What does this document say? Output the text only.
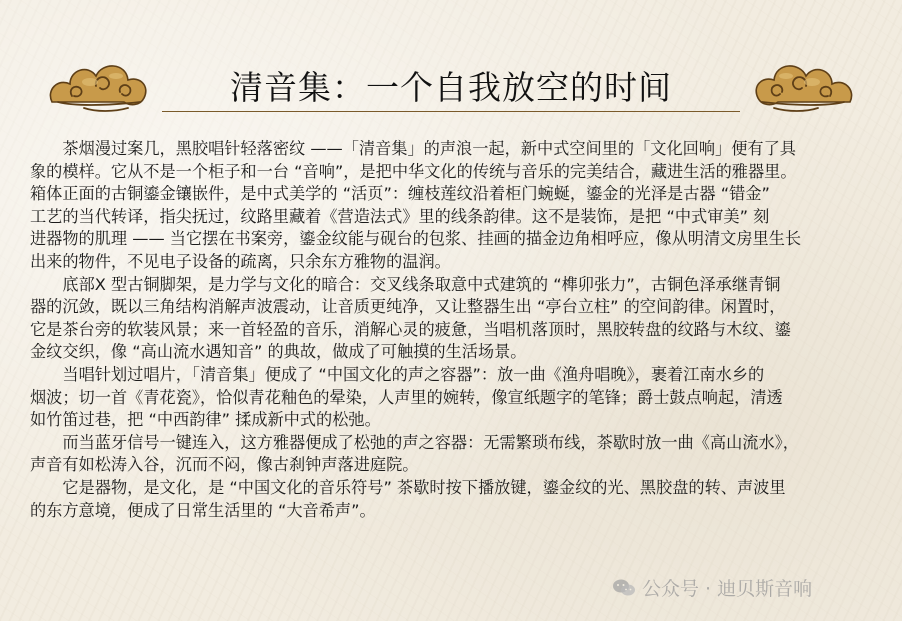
清音集：一个自我放空的时间

茶烟漫过案几，黑胶唱针轻落密纹 ——「清音集」的声浪一起，新中式空间里的「文化回响」便有了具
象的模样。它从不是一个柜子和一台 “音响”，是把中华文化的传统与音乐的完美结合，藏进生活的雅器里。
箱体正面的古铜鎏金镶嵌件，是中式美学的 “活页”：缠枝莲纹沿着柜门蜿蜒，鎏金的光泽是古器 “错金”
工艺的当代转译，指尖抚过，纹路里藏着《营造法式》里的线条韵律。这不是装饰，是把 “中式审美” 刻
进器物的肌理 —— 当它摆在书案旁，鎏金纹能与砚台的包浆、挂画的描金边角相呼应，像从明清文房里生长
出来的物件，不见电子设备的疏离，只余东方雅物的温润。

底部X 型古铜脚架，是力学与文化的暗合：交叉线条取意中式建筑的 “榫卯张力”，古铜色泽承继青铜
器的沉敛，既以三角结构消解声波震动，让音质更纯净，又让整器生出 “亭台立柱” 的空间韵律。闲置时，
它是茶台旁的软装风景；来一首轻盈的音乐，消解心灵的疲惫，当唱机落顶时，黑胶转盘的纹路与木纹、鎏
金纹交织，像 “高山流水遇知音” 的典故，做成了可触摸的生活场景。

当唱针划过唱片，「清音集」便成了 “中国文化的声之容器”：放一曲《渔舟唱晚》，裹着江南水乡的
烟波；切一首《青花瓷》，恰似青花釉色的晕染，人声里的婉转，像宣纸题字的笔锋；爵士鼓点响起，清透
如竹笛过巷，把 “中西韵律” 揉成新中式的松弛。

而当蓝牙信号一键连入，这方雅器便成了松弛的声之容器：无需繁琐布线，茶歇时放一曲《高山流水》，
声音有如松涛入谷，沉而不闷，像古刹钟声落进庭院。

它是器物，是文化，是 “中国文化的音乐符号” 茶歇时按下播放键，鎏金纹的光、黑胶盘的转、声波里
的东方意境，便成了日常生活里的 “大音希声”。

公众号 · 迪贝斯音响
